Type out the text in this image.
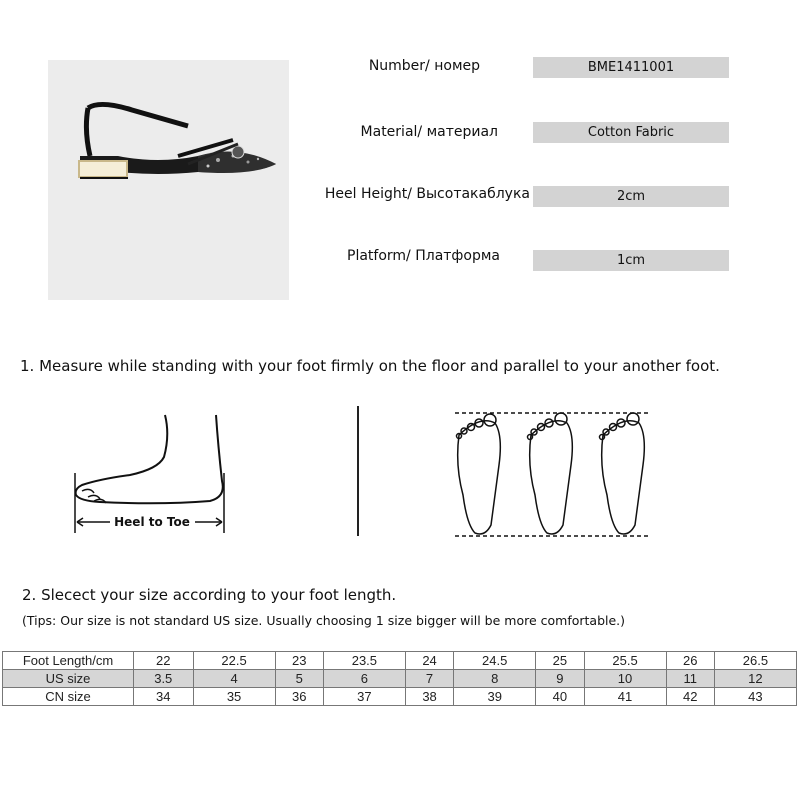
Number/ номер	BME1411001
Material/ материал	Cotton Fabric
Heel Height/ Высотакаблука	2cm
Platform/ Платформа	1cm
1. Measure while standing with your foot firmly on the floor and parallel to your another foot.
Heel to Toe
2. Slecect your size according to your foot length.
(Tips: Our size is not standard US size. Usually choosing 1 size bigger will be more comfortable.)
Foot Length/cm	22	22.5	23	23.5	24	24.5	25	25.5	26	26.5
US size	3.5	4	5	6	7	8	9	10	11	12
CN size	34	35	36	37	38	39	40	41	42	43
